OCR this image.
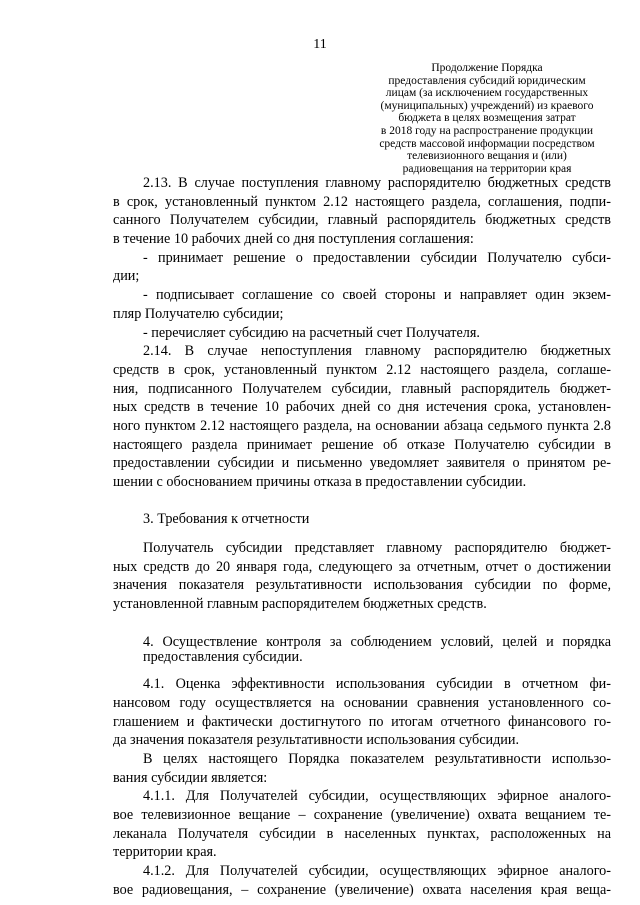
11
Продолжение Порядка
предоставления субсидий юридическим
лицам (за исключением государственных
(муниципальных) учреждений) из краевого
бюджета в целях возмещения затрат
в 2018 году на распространение продукции
средств массовой информации посредством
телевизионного вещания и (или)
радиовещания на территории края
2.13. В случае поступления главному распорядителю бюджетных средств
в срок, установленный пунктом 2.12 настоящего раздела, соглашения, подпи-
санного Получателем субсидии, главный распорядитель бюджетных средств
в течение 10 рабочих дней со дня поступления соглашения:
- принимает решение о предоставлении субсидии Получателю субси-
дии;
- подписывает соглашение со своей стороны и направляет один экзем-
пляр Получателю субсидии;
- перечисляет субсидию на расчетный счет Получателя.
2.14. В случае непоступления главному распорядителю бюджетных
средств в срок, установленный пунктом 2.12 настоящего раздела, соглаше-
ния, подписанного Получателем субсидии, главный распорядитель бюджет-
ных средств в течение 10 рабочих дней со дня истечения срока, установлен-
ного пунктом 2.12 настоящего раздела, на основании абзаца седьмого пункта 2.8
настоящего раздела принимает решение об отказе Получателю субсидии в
предоставлении субсидии и письменно уведомляет заявителя о принятом ре-
шении с обоснованием причины отказа в предоставлении субсидии.
3. Требования к отчетности
Получатель субсидии представляет главному распорядителю бюджет-
ных средств до 20 января года, следующего за отчетным, отчет о достижении
значения показателя результативности использования субсидии по форме,
установленной главным распорядителем бюджетных средств.
4. Осуществление контроля за соблюдением условий, целей и порядка
предоставления субсидии.
4.1. Оценка эффективности использования субсидии в отчетном фи-
нансовом году осуществляется на основании сравнения установленного со-
глашением и фактически достигнутого по итогам отчетного финансового го-
да значения показателя результативности использования субсидии.
В целях настоящего Порядка показателем результативности использо-
вания субсидии является:
4.1.1. Для Получателей субсидии, осуществляющих эфирное аналого-
вое телевизионное вещание – сохранение (увеличение) охвата вещанием те-
леканала Получателя субсидии в населенных пунктах, расположенных на
территории края.
4.1.2. Для Получателей субсидии, осуществляющих эфирное аналого-
вое радиовещания, – сохранение (увеличение) охвата населения края веща-
